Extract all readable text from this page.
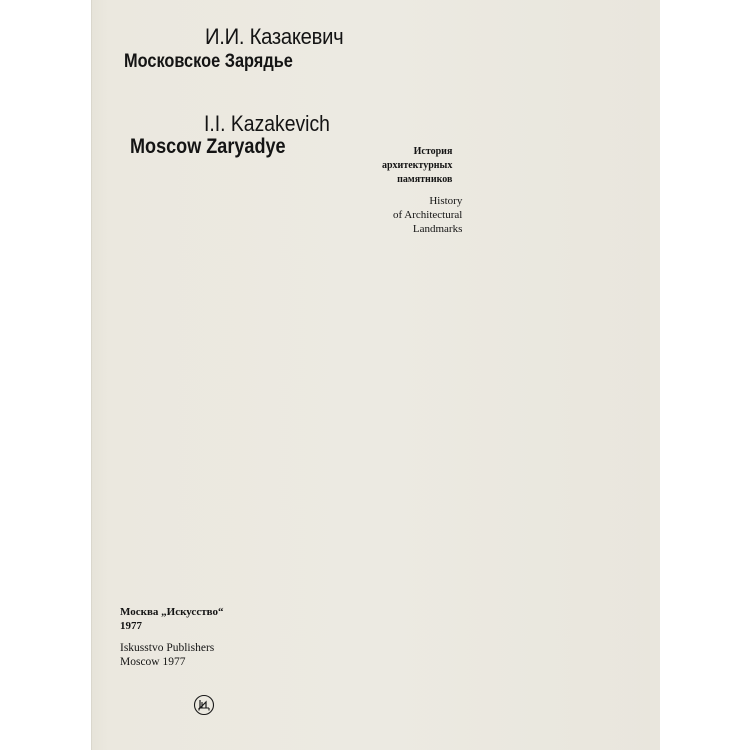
И.И. Казакевич
Московское Зарядье
I.I. Kazakevich
Moscow Zaryadye	История
архитектурных
памятников
History
of Architectural
Landmarks
Москва „Искусство“
1977
Iskusstvo Publishers
Moscow 1977
